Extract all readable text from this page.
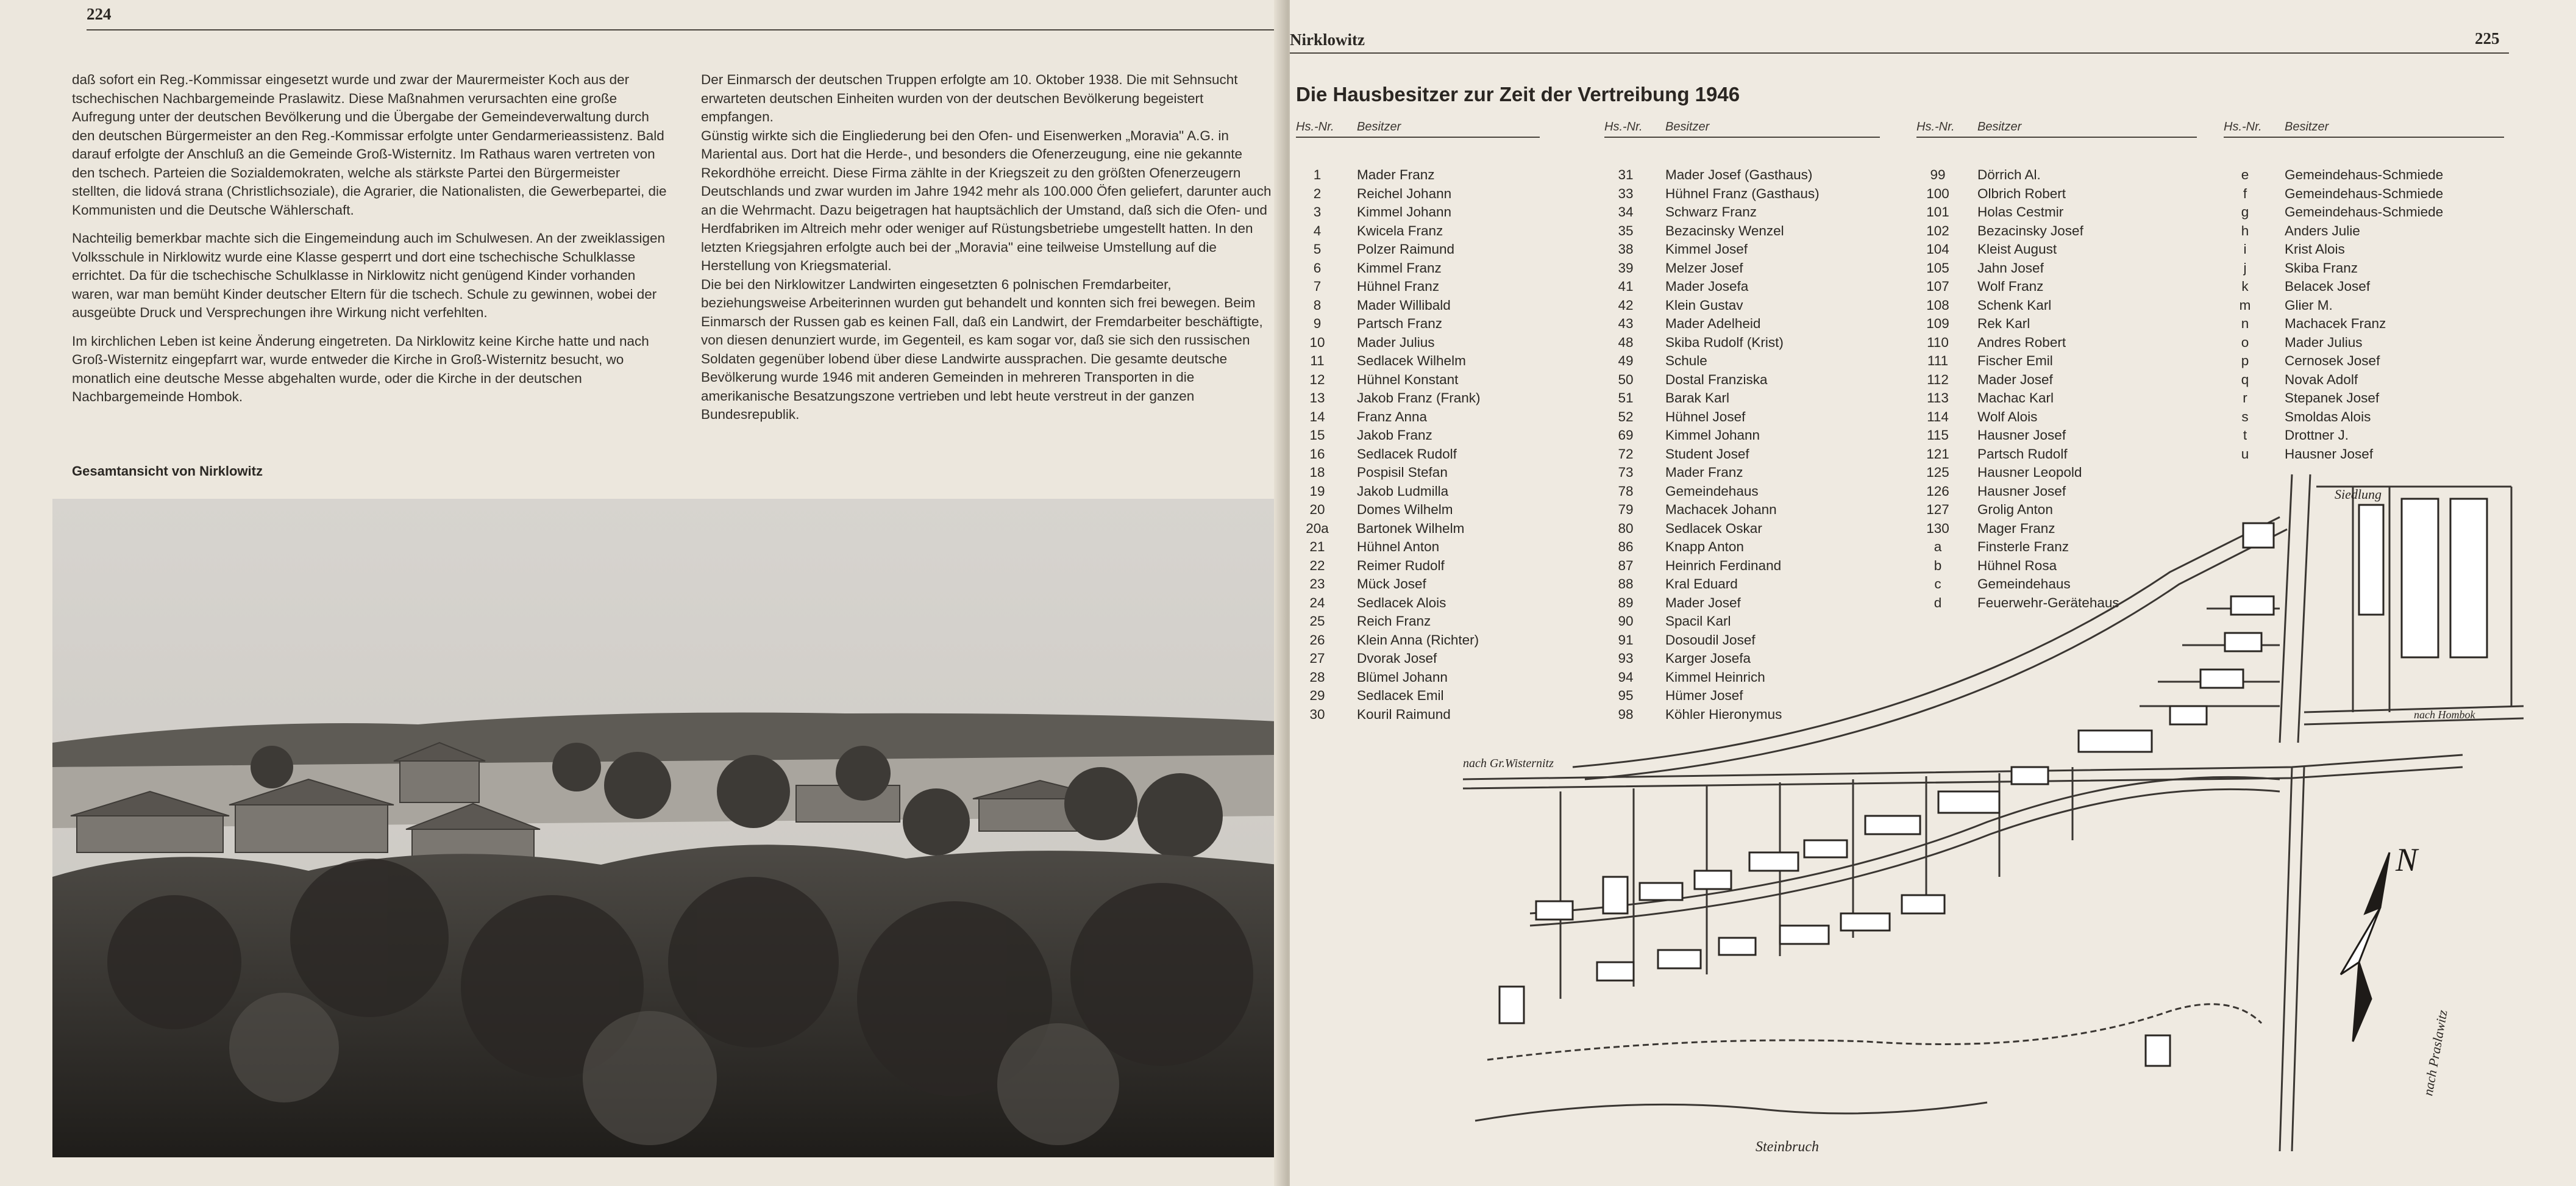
224

daß sofort ein Reg.-Kommissar eingesetzt wurde und zwar der Maurermeister Koch aus der tschechischen Nachbargemeinde Praslawitz. Diese Maßnahmen verursachten eine große Aufregung unter der deutschen Bevölkerung und die Übergabe der Gemeindeverwaltung durch den deutschen Bürgermeister an den Reg.-Kommissar erfolgte unter Gendarmerieassistenz. Bald darauf erfolgte der Anschluß an die Gemeinde Groß-Wisternitz. Im Rathaus waren vertreten von den tschech. Parteien die Sozialdemokraten, welche als stärkste Partei den Bürgermeister stellten, die lidová strana (Christlichsoziale), die Agrarier, die Nationalisten, die Gewerbepartei, die Kommunisten und die Deutsche Wählerschaft.

Nachteilig bemerkbar machte sich die Eingemeindung auch im Schulwesen. An der zweiklassigen Volksschule in Nirklowitz wurde eine Klasse gesperrt und dort eine tschechische Schulklasse errichtet. Da für die tschechische Schulklasse in Nirklowitz nicht genügend Kinder vorhanden waren, war man bemüht Kinder deutscher Eltern für die tschech. Schule zu gewinnen, wobei der ausgeübte Druck und Versprechungen ihre Wirkung nicht verfehlten.

Im kirchlichen Leben ist keine Änderung eingetreten. Da Nirklowitz keine Kirche hatte und nach Groß-Wisternitz eingepfarrt war, wurde entweder die Kirche in Groß-Wisternitz besucht, wo monatlich eine deutsche Messe abgehalten wurde, oder die Kirche in der deutschen Nachbargemeinde Hombok.

Der Einmarsch der deutschen Truppen erfolgte am 10. Oktober 1938. Die mit Sehnsucht erwarteten deutschen Einheiten wurden von der deutschen Bevölkerung begeistert empfangen.

Günstig wirkte sich die Eingliederung bei den Ofen- und Eisenwerken „Moravia" A.G. in Mariental aus. Dort hat die Herde-, und besonders die Ofenerzeugung, eine nie gekannte Rekordhöhe erreicht. Diese Firma zählte in der Kriegszeit zu den größten Ofenerzeugern Deutschlands und zwar wurden im Jahre 1942 mehr als 100.000 Öfen geliefert, darunter auch an die Wehrmacht. Dazu beigetragen hat hauptsächlich der Umstand, daß sich die Ofen- und Herdfabriken im Altreich mehr oder weniger auf Rüstungsbetriebe umgestellt hatten. In den letzten Kriegsjahren erfolgte auch bei der „Moravia" eine teilweise Umstellung auf die Herstellung von Kriegsmaterial.

Die bei den Nirklowitzer Landwirten eingesetzten 6 polnischen Fremdarbeiter, beziehungsweise Arbeiterinnen wurden gut behandelt und konnten sich frei bewegen. Beim Einmarsch der Russen gab es keinen Fall, daß ein Landwirt, der Fremdarbeiter beschäftigte, von diesen denunziert wurde, im Gegenteil, es kam sogar vor, daß sie sich den russischen Soldaten gegenüber lobend über diese Landwirte aussprachen. Die gesamte deutsche Bevölkerung wurde 1946 mit anderen Gemeinden in mehreren Transporten in die amerikanische Besatzungszone vertrieben und lebt heute verstreut in der ganzen Bundesrepublik.

Gesamtansicht von Nirklowitz
Nirklowitz	225
Die Hausbesitzer zur Zeit der Vertreibung 1946
Hs.-Nr. Besitzer
1	Mader Franz
2	Reichel Johann
3	Kimmel Johann
4	Kwicela Franz
5	Polzer Raimund
6	Kimmel Franz
7	Hühnel Franz
8	Mader Willibald
9	Partsch Franz
10	Mader Julius
11	Sedlacek Wilhelm
12	Hühnel Konstant
13	Jakob Franz (Frank)
14	Franz Anna
15	Jakob Franz
16	Sedlacek Rudolf
18	Pospisil Stefan
19	Jakob Ludmilla
20	Domes Wilhelm
20a	Bartonek Wilhelm
21	Hühnel Anton
22	Reimer Rudolf
23	Mück Josef
24	Sedlacek Alois
25	Reich Franz
26	Klein Anna (Richter)
27	Dvorak Josef
28	Blümel Johann
29	Sedlacek Emil
30	Kouril Raimund
Hs.-Nr. Besitzer
31	Mader Josef (Gasthaus)
33	Hühnel Franz (Gasthaus)
34	Schwarz Franz
35	Bezacinsky Wenzel
38	Kimmel Josef
39	Melzer Josef
41	Mader Josefa
42	Klein Gustav
43	Mader Adelheid
48	Skiba Rudolf (Krist)
49	Schule
50	Dostal Franziska
51	Barak Karl
52	Hühnel Josef
69	Kimmel Johann
72	Student Josef
73	Mader Franz
78	Gemeindehaus
79	Machacek Johann
80	Sedlacek Oskar
86	Knapp Anton
87	Heinrich Ferdinand
88	Kral Eduard
89	Mader Josef
90	Spacil Karl
91	Dosoudil Josef
93	Karger Josefa
94	Kimmel Heinrich
95	Hümer Josef
98	Köhler Hieronymus
Hs.-Nr. Besitzer
99	Dörrich Al.
100	Olbrich Robert
101	Holas Cestmir
102	Bezacinsky Josef
104	Kleist August
105	Jahn Josef
107	Wolf Franz
108	Schenk Karl
109	Rek Karl
110	Andres Robert
111	Fischer Emil
112	Mader Josef
113	Machac Karl
114	Wolf Alois
115	Hausner Josef
121	Partsch Rudolf
125	Hausner Leopold
126	Hausner Josef
127	Grolig Anton
130	Mager Franz
a	Finsterle Franz
b	Hühnel Rosa
c	Gemeindehaus
d	Feuerwehr-Gerätehaus
Hs.-Nr. Besitzer
e	Gemeindehaus-Schmiede
f	Gemeindehaus-Schmiede
g	Gemeindehaus-Schmiede
h	Anders Julie
i	Krist Alois
j	Skiba Franz
k	Belacek Josef
m	Glier M.
n	Machacek Franz
o	Mader Julius
p	Cernosek Josef
q	Novak Adolf
r	Stepanek Josef
s	Smoldas Alois
t	Drottner J.
u	Hausner Josef
N
Siedlung
nach Gr.Wisternitz
nach Hombok
nach Praslawitz
Steinbruch
